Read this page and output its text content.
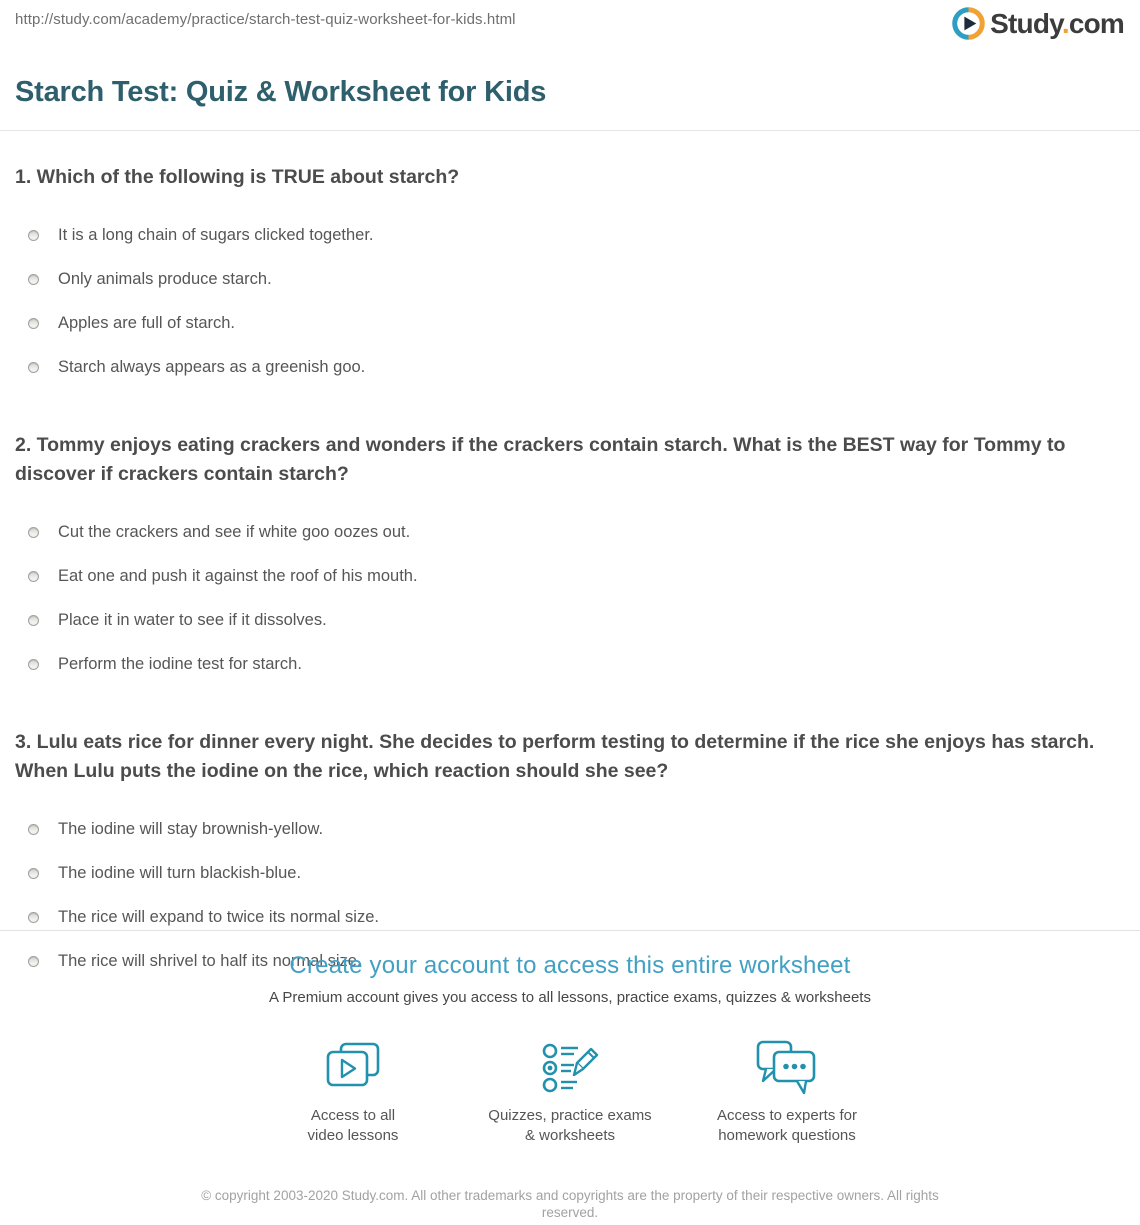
http://study.com/academy/practice/starch-test-quiz-worksheet-for-kids.html	Study.com
Starch Test: Quiz & Worksheet for Kids
1. Which of the following is TRUE about starch?
It is a long chain of sugars clicked together.
Only animals produce starch.
Apples are full of starch.
Starch always appears as a greenish goo.
2. Tommy enjoys eating crackers and wonders if the crackers contain starch. What is the BEST way for Tommy to discover if crackers contain starch?
Cut the crackers and see if white goo oozes out.
Eat one and push it against the roof of his mouth.
Place it in water to see if it dissolves.
Perform the iodine test for starch.
3. Lulu eats rice for dinner every night. She decides to perform testing to determine if the rice she enjoys has starch. When Lulu puts the iodine on the rice, which reaction should she see?
The iodine will stay brownish-yellow.
The iodine will turn blackish-blue.
The rice will expand to twice its normal size.
The rice will shrivel to half its normal size.
Create your account to access this entire worksheet
A Premium account gives you access to all lessons, practice exams, quizzes & worksheets
Access to all video lessons
Quizzes, practice exams & worksheets
Access to experts for homework questions
© copyright 2003-2020 Study.com. All other trademarks and copyrights are the property of their respective owners. All rights reserved.
